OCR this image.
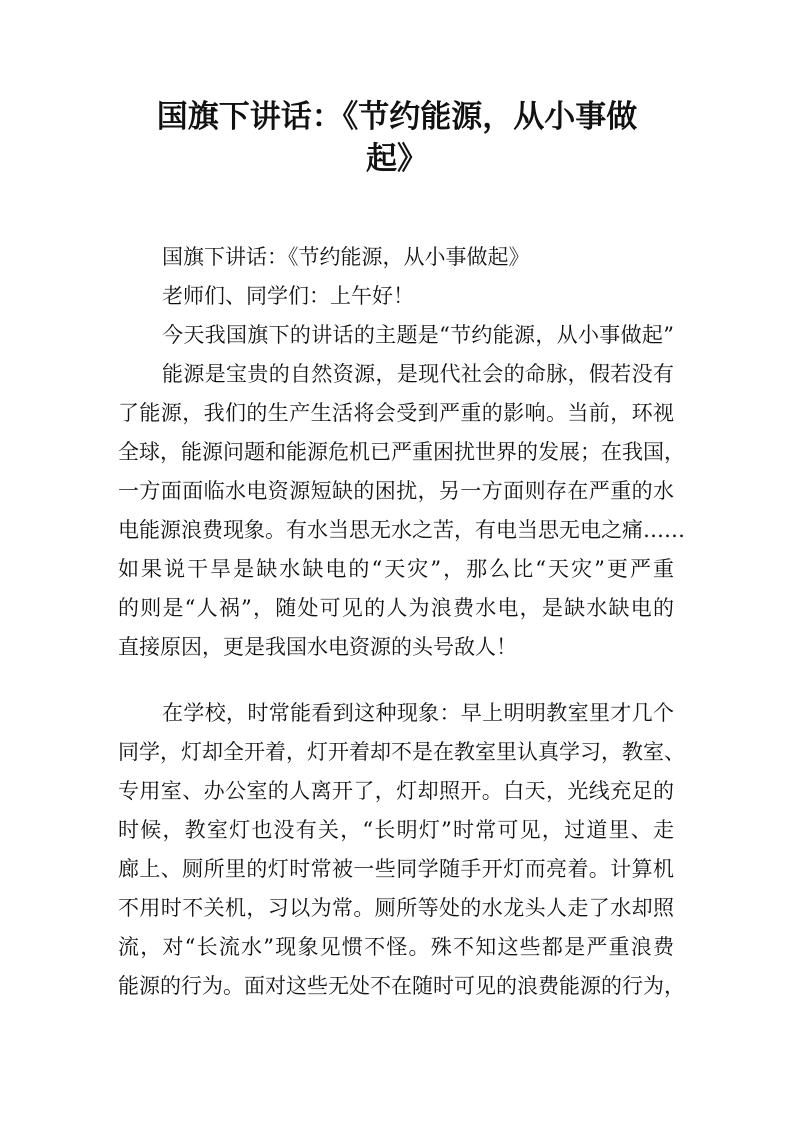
国旗下讲话：《节约能源，从小事做
起》
国旗下讲话：《节约能源，从小事做起》
老师们、同学们：上午好！
今天我国旗下的讲话的主题是“节约能源，从小事做起”
能源是宝贵的自然资源，是现代社会的命脉，假若没有
了能源，我们的生产生活将会受到严重的影响。当前，环视
全球，能源问题和能源危机已严重困扰世界的发展；在我国，
一方面面临水电资源短缺的困扰，另一方面则存在严重的水
电能源浪费现象。有水当思无水之苦，有电当思无电之痛……
如果说干旱是缺水缺电的“天灾”，那么比“天灾”更严重
的则是“人祸”，随处可见的人为浪费水电，是缺水缺电的
直接原因，更是我国水电资源的头号敌人！
在学校，时常能看到这种现象：早上明明教室里才几个
同学，灯却全开着，灯开着却不是在教室里认真学习，教室、
专用室、办公室的人离开了，灯却照开。白天，光线充足的
时候，教室灯也没有关，“长明灯”时常可见，过道里、走
廊上、厕所里的灯时常被一些同学随手开灯而亮着。计算机
不用时不关机，习以为常。厕所等处的水龙头人走了水却照
流，对“长流水”现象见惯不怪。殊不知这些都是严重浪费
能源的行为。面对这些无处不在随时可见的浪费能源的行为，
